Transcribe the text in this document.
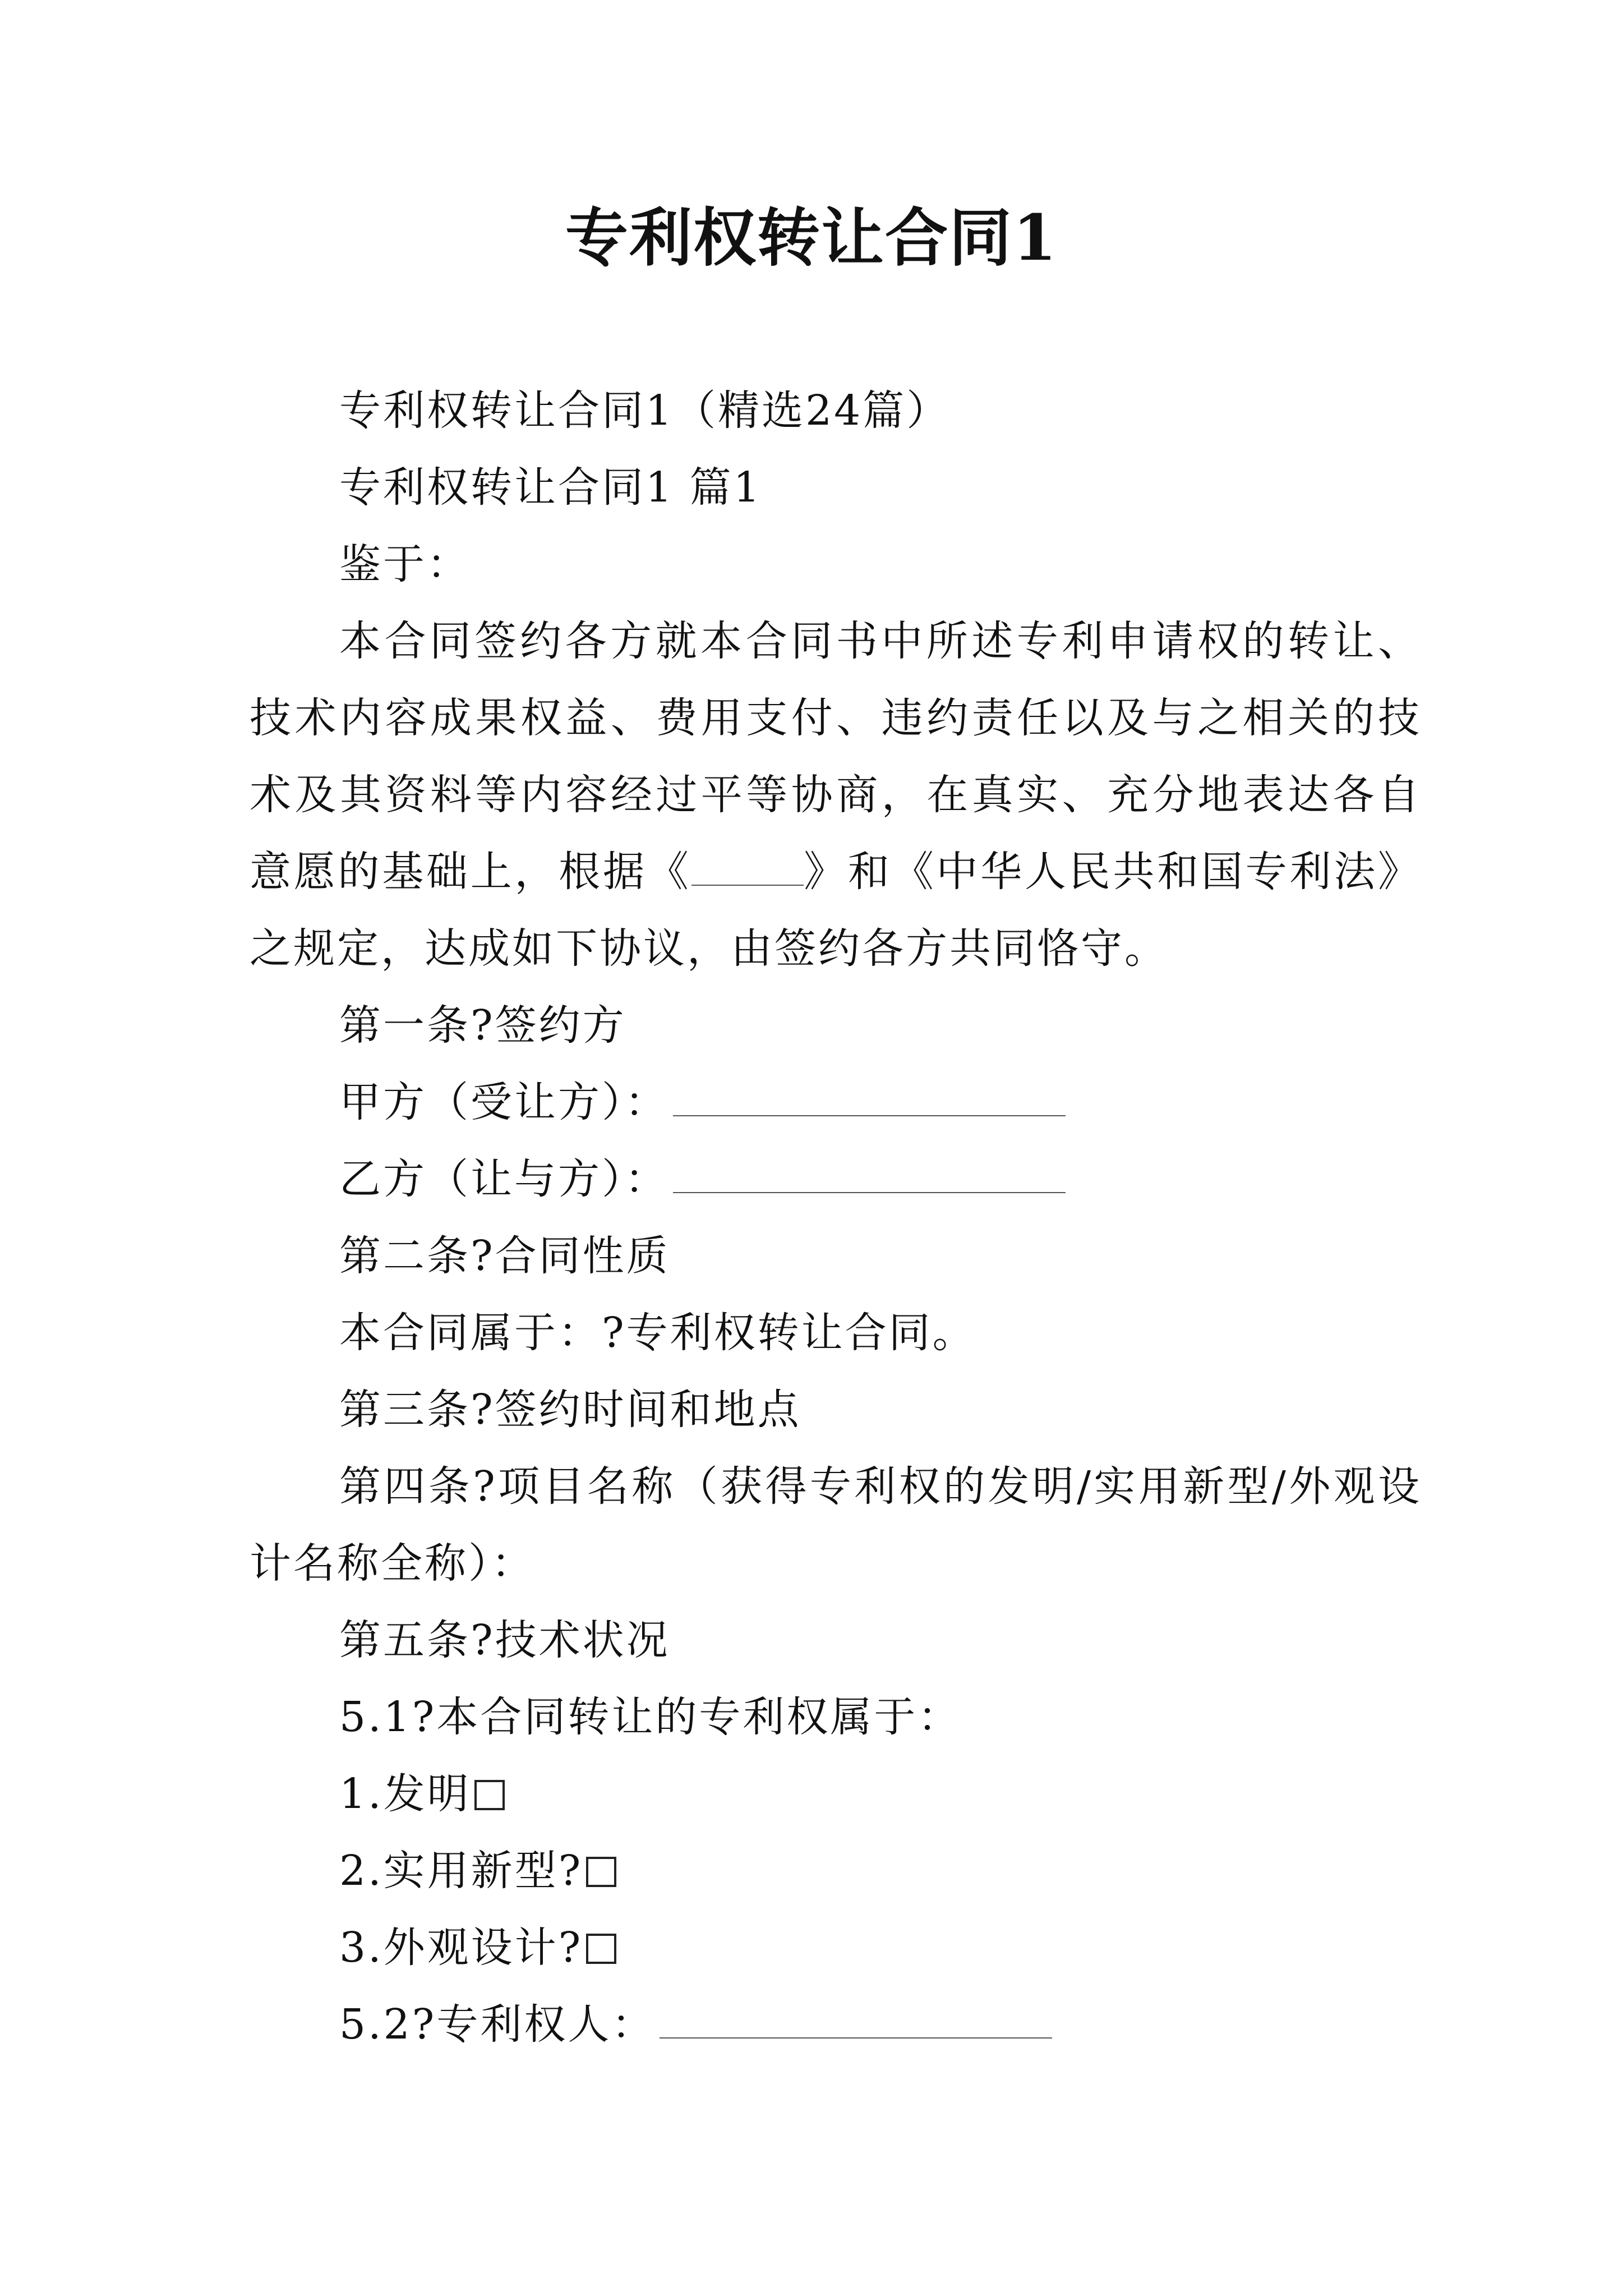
专利权转让合同1

专利权转让合同1（精选24篇）

专利权转让合同1 篇1

鉴于：

本合同签约各方就本合同书中所述专利申请权的转让、技术内容成果权益、费用支付、违约责任以及与之相关的技术及其资料等内容经过平等协商，在真实、充分地表达各自意愿的基础上，根据《	》和《中华人民共和国专利法》之规定，达成如下协议，由签约各方共同恪守。

第一条?签约方

甲方（受让方）：

乙方（让与方）：

第二条?合同性质

本合同属于：?专利权转让合同。

第三条?签约时间和地点

第四条?项目名称（获得专利权的发明/实用新型/外观设计名称全称）：

第五条?技术状况

5.1?本合同转让的专利权属于：

1.发明

2.实用新型?

3.外观设计?

5.2?专利权人：
